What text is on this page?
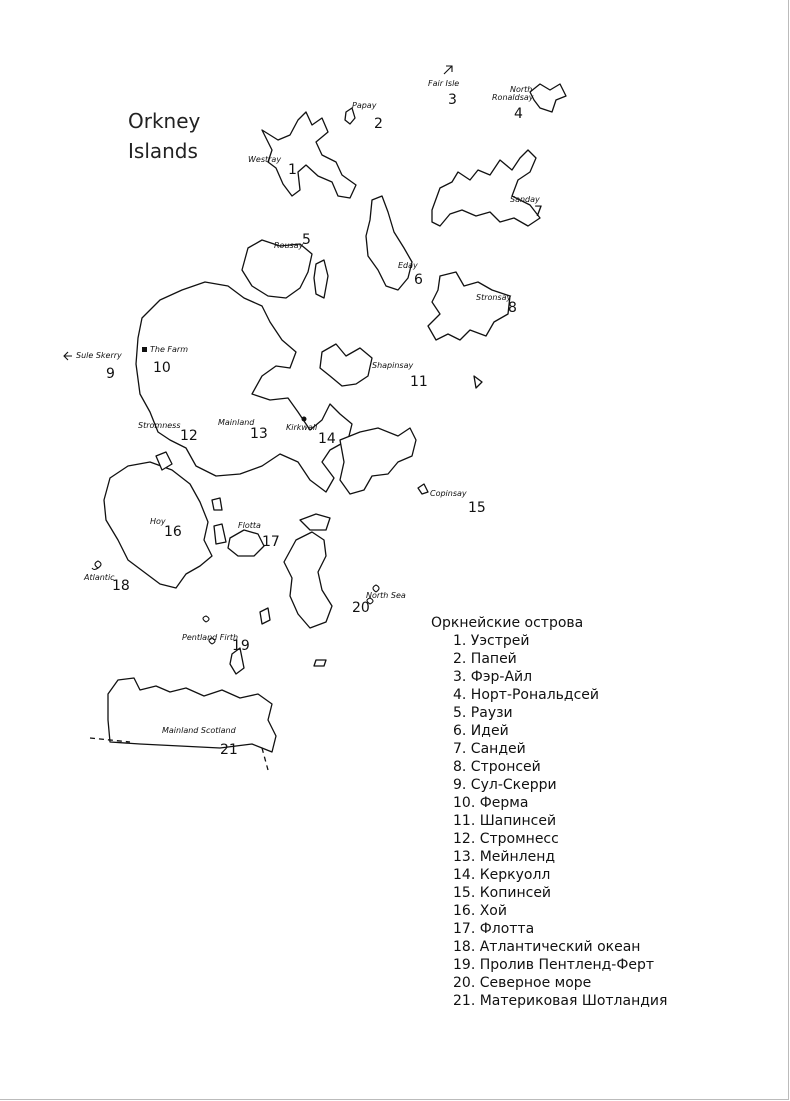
Orkney
Islands	Westray
1
Papay
2
Fair Isle
3
North
Ronaldsay
4
Rousay
5
Eday
6
Sanday
7
Stronsay
8
Sule Skerry
9
The Farm
10	Shapinsay
11
Stromness
12
Mainland
13 Kirkwall
14
Copinsay
15
Hoy
16	Flotta
17
Atlantic
18
Pentland Firth
19
North Sea
20
Mainland Scotland
21

Оркнейские острова

1. Уэстрей
2. Папей
3. Фэр-Айл
4. Норт-Рональдсей
5. Раузи
6. Идей
7. Сандей
8. Стронсей
9. Сул-Скерри
10. Ферма
11. Шапинсей
12. Стромнесс
13. Мейнленд
14. Керкуолл
15. Копинсей
16. Хой
17. Флотта
18. Атлантический океан
19. Пролив Пентленд-Ферт
20. Северное море
21. Материковая Шотландия
